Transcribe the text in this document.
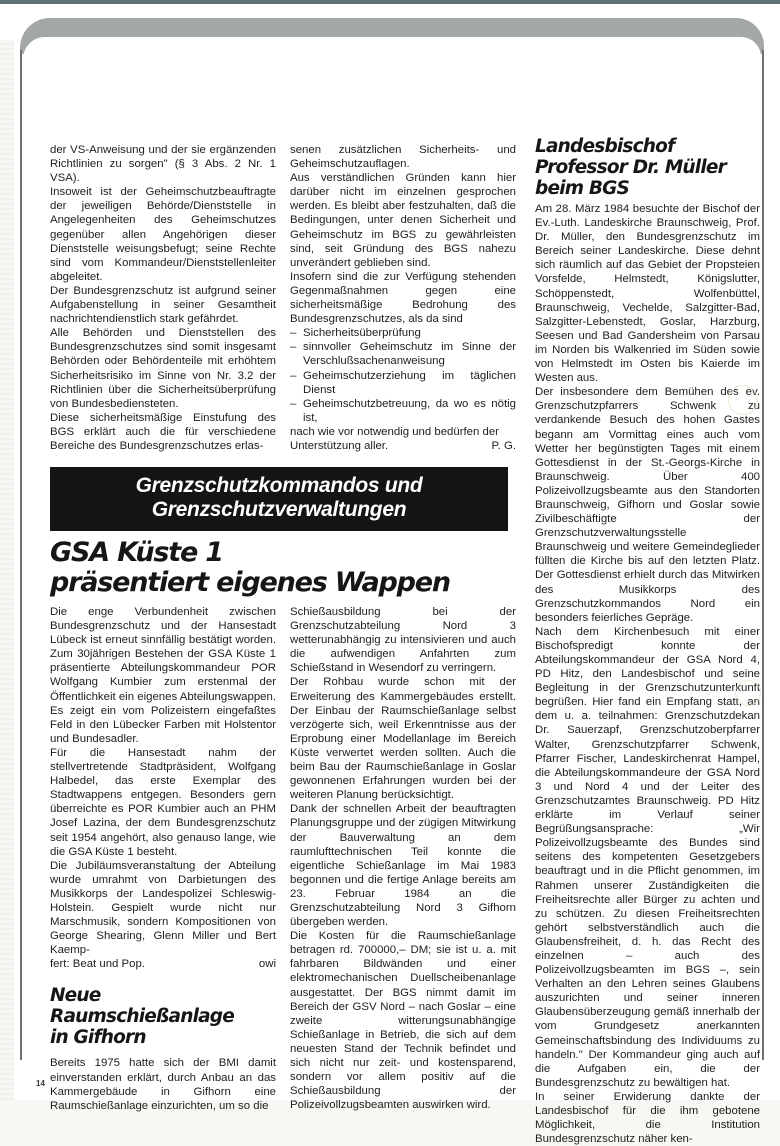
der VS-Anweisung und der sie ergänzenden Richtlinien zu sorgen" (§ 3 Abs. 2 Nr. 1 VSA).

Insoweit ist der Geheimschutzbeauftragte der jeweiligen Behörde/Dienststelle in Angelegenheiten des Geheimschutzes gegenüber allen Angehörigen dieser Dienststelle weisungsbefugt; seine Rechte sind vom Kommandeur/Dienststellenleiter abgeleitet.

Der Bundesgrenzschutz ist aufgrund seiner Aufgabenstellung in seiner Gesamtheit nachrichtendienstlich stark gefährdet.

Alle Behörden und Dienststellen des Bundesgrenzschutzes sind somit insgesamt Behörden oder Behördenteile mit erhöhtem Sicherheitsrisiko im Sinne von Nr. 3.2 der Richtlinien über die Sicherheitsüberprüfung von Bundesbediensteten.

Diese sicherheitsmäßige Einstufung des BGS erklärt auch die für verschiedene Bereiche des Bundesgrenzschutzes erlas-

senen zusätzlichen Sicherheits- und Geheimschutzauflagen.

Aus verständlichen Gründen kann hier darüber nicht im einzelnen gesprochen werden. Es bleibt aber festzuhalten, daß die Bedingungen, unter denen Sicherheit und Geheimschutz im BGS zu gewährleisten sind, seit Gründung des BGS nahezu unverändert geblieben sind.

Insofern sind die zur Verfügung stehenden Gegenmaßnahmen gegen eine sicherheitsmäßige Bedrohung des Bundesgrenzschutzes, als da sind

– Sicherheitsüberprüfung
– sinnvoller Geheimschutz im Sinne der Verschlußsachenanweisung
– Geheimschutzerziehung im täglichen Dienst
– Geheimschutzbetreuung, da wo es nötig ist,

nach wie vor notwendig und bedürfen der

Unterstützung aller.	P. G.
Grenzschutzkommandos und
Grenzschutzverwaltungen
GSA Küste 1
präsentiert eigenes Wappen

Die enge Verbundenheit zwischen Bundesgrenzschutz und der Hansestadt Lübeck ist erneut sinnfällig bestätigt worden. Zum 30jährigen Bestehen der GSA Küste 1 präsentierte Abteilungskommandeur POR Wolfgang Kumbier zum erstenmal der Öffentlichkeit ein eigenes Abteilungswappen. Es zeigt ein vom Polizeistern eingefaßtes Feld in den Lübecker Farben mit Holstentor und Bundesadler.

Für die Hansestadt nahm der stellvertretende Stadtpräsident, Wolfgang Halbedel, das erste Exemplar des Stadtwappens entgegen. Besonders gern überreichte es POR Kumbier auch an PHM Josef Lazina, der dem Bundesgrenzschutz seit 1954 angehört, also genauso lange, wie die GSA Küste 1 besteht.

Die Jubiläumsveranstaltung der Abteilung wurde umrahmt von Darbietungen des Musikkorps der Landespolizei Schleswig-Holstein. Gespielt wurde nicht nur Marschmusik, sondern Kompositionen von George Shearing, Glenn Miller und Bert Kaemp-

fert: Beat und Pop.	owi
Neue
Raumschießanlage
in Gifhorn

Bereits 1975 hatte sich der BMI damit einverstanden erklärt, durch Anbau an das Kammergebäude in Gifhorn eine Raumschießanlage einzurichten, um so die

Schießausbildung bei der Grenzschutzabteilung Nord 3 wetterunabhängig zu intensivieren und auch die aufwendigen Anfahrten zum Schießstand in Wesendorf zu verringern.

Der Rohbau wurde schon mit der Erweiterung des Kammergebäudes erstellt. Der Einbau der Raumschießanlage selbst verzögerte sich, weil Erkenntnisse aus der Erprobung einer Modellanlage im Bereich Küste verwertet werden sollten. Auch die beim Bau der Raumschießanlage in Goslar gewonnenen Erfahrungen wurden bei der weiteren Planung berücksichtigt.

Dank der schnellen Arbeit der beauftragten Planungsgruppe und der zügigen Mitwirkung der Bauverwaltung an dem raumlufttechnischen Teil konnte die eigentliche Schießanlage im Mai 1983 begonnen und die fertige Anlage bereits am 23. Februar 1984 an die Grenzschutzabteilung Nord 3 Gifhorn übergeben werden.

Die Kosten für die Raumschießanlage betragen rd. 700000,– DM; sie ist u. a. mit fahrbaren Bildwänden und einer elektromechanischen Duellscheibenanlage ausgestattet. Der BGS nimmt damit im Bereich der GSV Nord – nach Goslar – eine zweite witterungsunabhängige Schießanlage in Betrieb, die sich auf dem neuesten Stand der Technik befindet und sich nicht nur zeit- und kostensparend, sondern vor allem positiv auf die Schießausbildung der Polizeivollzugsbeamten auswirken wird.

Landesbischof
Professor Dr. Müller
beim BGS

Am 28. März 1984 besuchte der Bischof der Ev.-Luth. Landeskirche Braunschweig, Prof. Dr. Müller, den Bundesgrenzschutz im Bereich seiner Landeskirche. Diese dehnt sich räumlich auf das Gebiet der Propsteien Vorsfelde, Helmstedt, Königslutter, Schöppenstedt, Wolfenbüttel, Braunschweig, Vechelde, Salzgitter-Bad, Salzgitter-Lebenstedt, Goslar, Harzburg, Seesen und Bad Gandersheim von Parsau im Norden bis Walkenried im Süden sowie von Helmstedt im Osten bis Kaierde im Westen aus.

Der insbesondere dem Bemühen des ev. Grenzschutzpfarrers Schwenk zu verdankende Besuch des hohen Gastes begann am Vormittag eines auch vom Wetter her begünstigten Tages mit einem Gottesdienst in der St.-Georgs-Kirche in Braunschweig. Über 400 Polizeivollzugsbeamte aus den Standorten Braunschweig, Gifhorn und Goslar sowie Zivilbeschäftigte der Grenzschutzverwaltungsstelle Braunschweig und weitere Gemeindeglieder füllten die Kirche bis auf den letzten Platz. Der Gottesdienst erhielt durch das Mitwirken des Musikkorps des Grenzschutzkommandos Nord ein besonders feierliches Gepräge.

Nach dem Kirchenbesuch mit einer Bischofspredigt konnte der Abteilungskommandeur der GSA Nord 4, PD Hitz, den Landesbischof und seine Begleitung in der Grenzschutzunterkunft begrüßen. Hier fand ein Empfang statt, an dem u. a. teilnahmen: Grenzschutzdekan Dr. Sauerzapf, Grenzschutzoberpfarrer Walter, Grenzschutzpfarrer Schwenk, Pfarrer Fischer, Landeskirchenrat Hampel, die Abteilungskommandeure der GSA Nord 3 und Nord 4 und der Leiter des Grenzschutzamtes Braunschweig. PD Hitz erklärte im Verlauf seiner Begrüßungsansprache: „Wir Polizeivollzugsbeamte des Bundes sind seitens des kompetenten Gesetzgebers beauftragt und in die Pflicht genommen, im Rahmen unserer Zuständigkeiten die Freiheitsrechte aller Bürger zu achten und zu schützen. Zu diesen Freiheitsrechten gehört selbstverständlich auch die Glaubensfreiheit, d. h. das Recht des einzelnen – auch des Polizeivollzugsbeamten im BGS –, sein Verhalten an den Lehren seines Glaubens auszurichten und seiner inneren Glaubensüberzeugung gemäß innerhalb der vom Grundgesetz anerkannten Gemeinschaftsbindung des Individuums zu handeln." Der Kommandeur ging auch auf die Aufgaben ein, die der Bundesgrenzschutz zu bewältigen hat.

In seiner Erwiderung dankte der Landesbischof für die ihm gebotene Möglichkeit, die Institution Bundesgrenzschutz näher ken-

14
